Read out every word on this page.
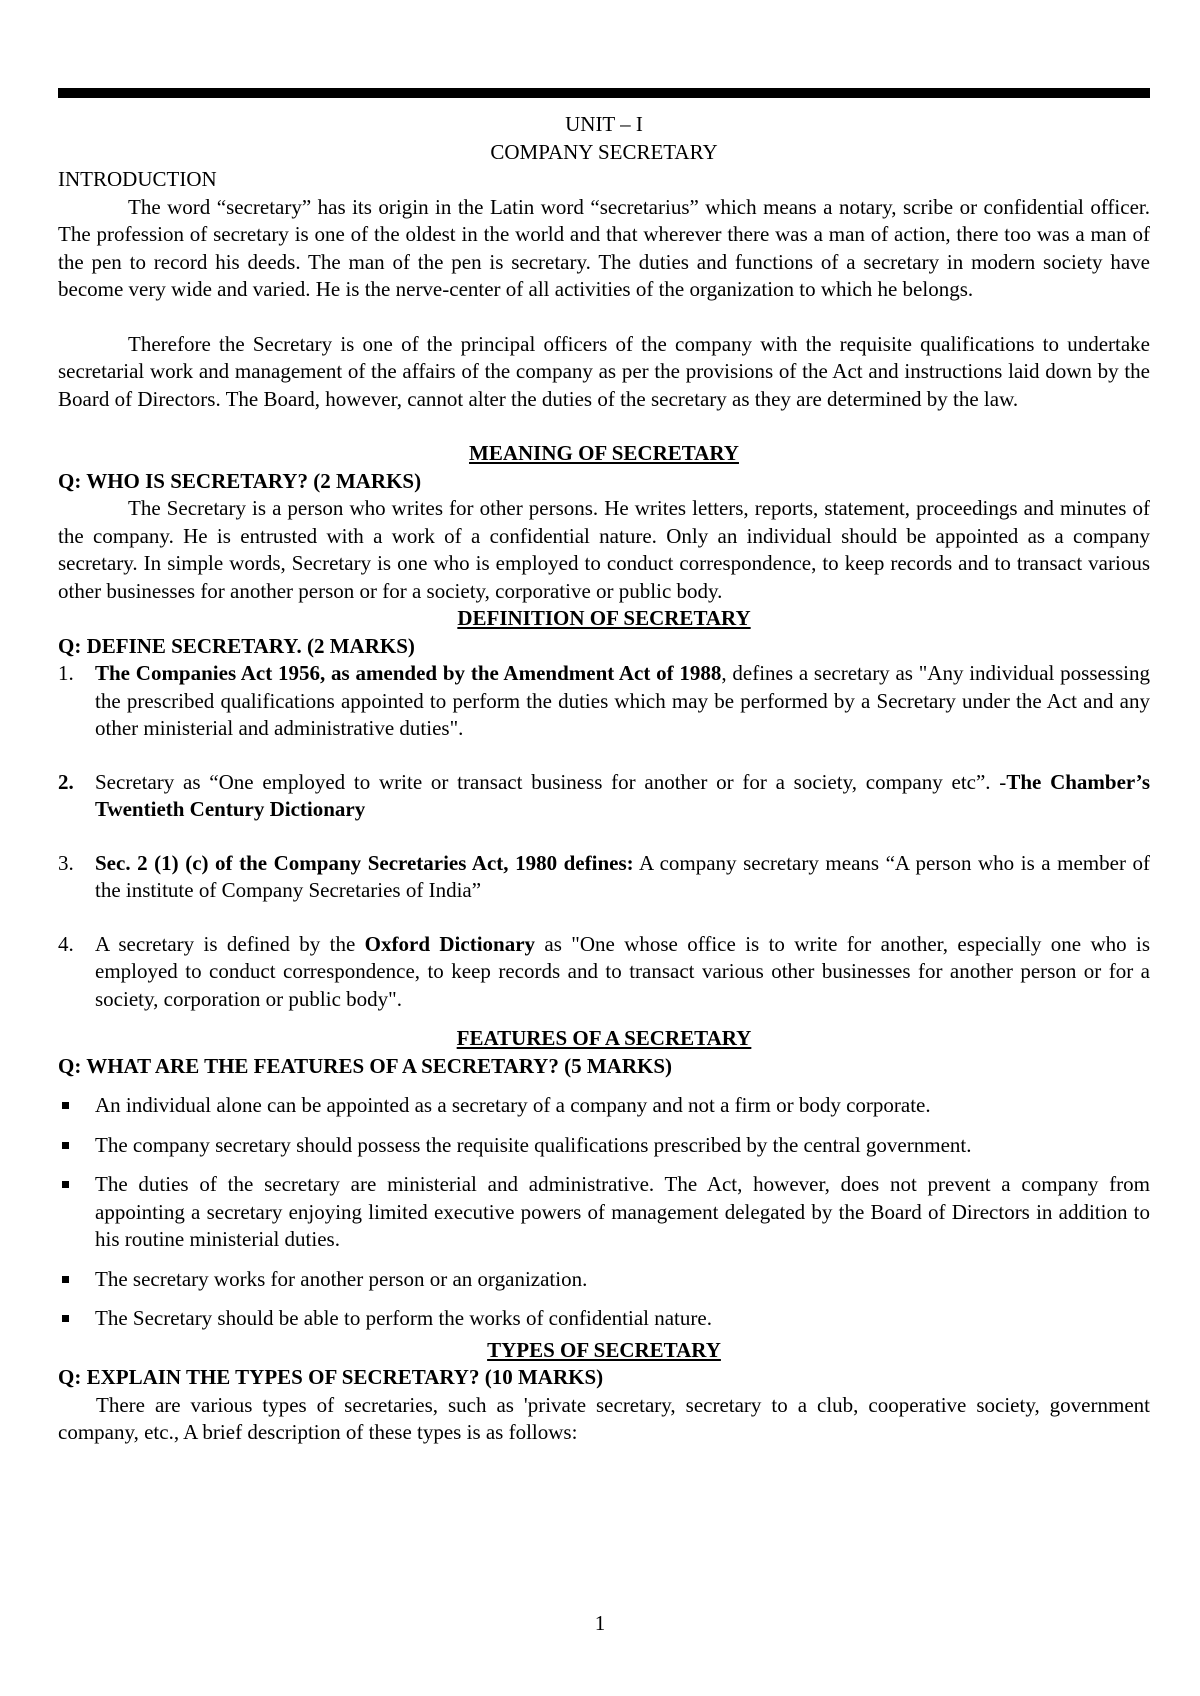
UNIT – I
COMPANY SECRETARY
INTRODUCTION

The word “secretary” has its origin in the Latin word “secretarius” which means a notary, scribe or confidential officer. The profession of secretary is one of the oldest in the world and that wherever there was a man of action, there too was a man of the pen to record his deeds. The man of the pen is secretary. The duties and functions of a secretary in modern society have become very wide and varied. He is the nerve-center of all activities of the organization to which he belongs.

Therefore the Secretary is one of the principal officers of the company with the requisite qualifications to undertake secretarial work and management of the affairs of the company as per the provisions of the Act and instructions laid down by the Board of Directors. The Board, however, cannot alter the duties of the secretary as they are determined by the law.

MEANING OF SECRETARY
Q: WHO IS SECRETARY? (2 MARKS)

The Secretary is a person who writes for other persons. He writes letters, reports, statement, proceedings and minutes of the company. He is entrusted with a work of a confidential nature. Only an individual should be appointed as a company secretary. In simple words, Secretary is one who is employed to conduct correspondence, to keep records and to transact various other businesses for another person or for a society, corporative or public body.

DEFINITION OF SECRETARY
Q: DEFINE SECRETARY. (2 MARKS)
1. The Companies Act 1956, as amended by the Amendment Act of 1988, defines a secretary as "Any individual possessing the prescribed qualifications appointed to perform the duties which may be performed by a Secretary under the Act and any other ministerial and administrative duties".
2. Secretary as “One employed to write or transact business for another or for a society, company etc”. -The Chamber’s Twentieth Century Dictionary
3. Sec. 2 (1) (c) of the Company Secretaries Act, 1980 defines: A company secretary means “A person who is a member of the institute of Company Secretaries of India”
4. A secretary is defined by the Oxford Dictionary as "One whose office is to write for another, especially one who is employed to conduct correspondence, to keep records and to transact various other businesses for another person or for a society, corporation or public body".
FEATURES OF A SECRETARY
Q: WHAT ARE THE FEATURES OF A SECRETARY? (5 MARKS)
An individual alone can be appointed as a secretary of a company and not a firm or body corporate.
The company secretary should possess the requisite qualifications prescribed by the central government.
The duties of the secretary are ministerial and administrative. The Act, however, does not prevent a company from appointing a secretary enjoying limited executive powers of management delegated by the Board of Directors in addition to his routine ministerial duties.
The secretary works for another person or an organization.
The Secretary should be able to perform the works of confidential nature.
TYPES OF SECRETARY
Q: EXPLAIN THE TYPES OF SECRETARY? (10 MARKS)

There are various types of secretaries, such as 'private secretary, secretary to a club, cooperative society, government company, etc., A brief description of these types is as follows:

1
